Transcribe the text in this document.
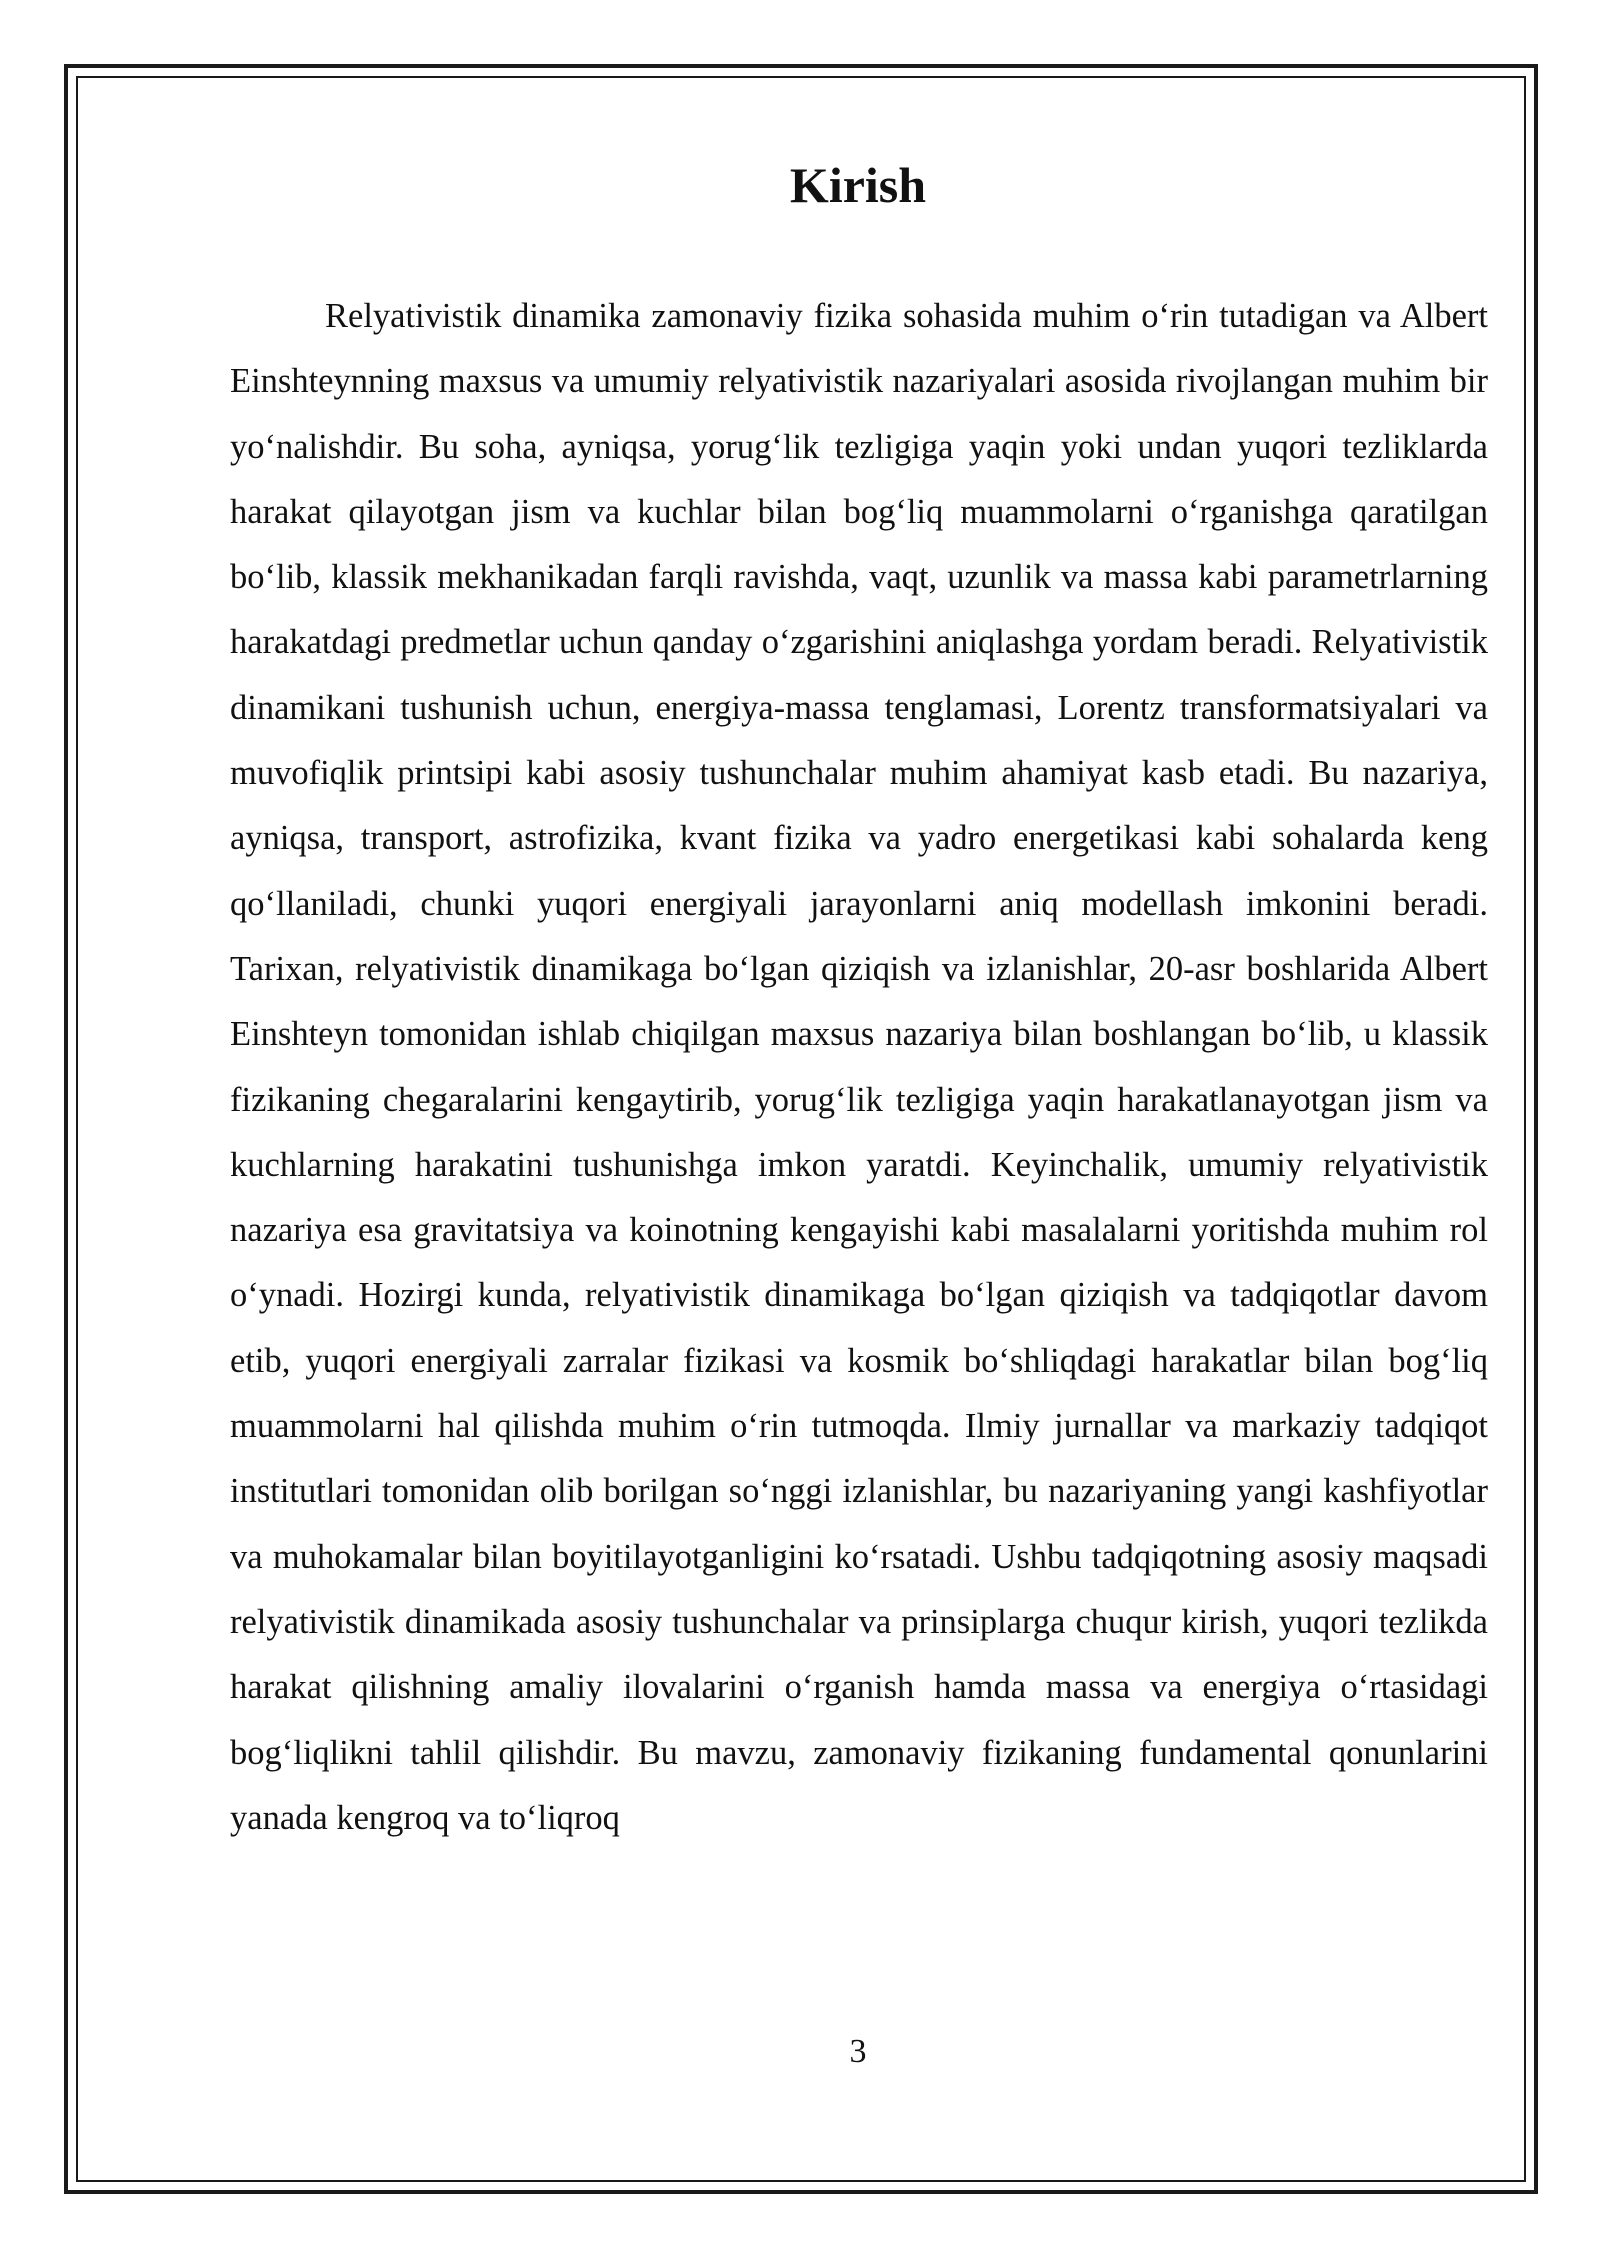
Kirish

Relyativistik dinamika zamonaviy fizika sohasida muhim o‘rin tutadigan va Albert Einshteynning maxsus va umumiy relyativistik nazariyalari asosida rivojlangan muhim bir yo‘nalishdir. Bu soha, ayniqsa, yorug‘lik tezligiga yaqin yoki undan yuqori tezliklarda harakat qilayotgan jism va kuchlar bilan bog‘liq muammolarni o‘rganishga qaratilgan bo‘lib, klassik mekhanikadan farqli ravishda, vaqt, uzunlik va massa kabi parametrlarning harakatdagi predmetlar uchun qanday o‘zgarishini aniqlashga yordam beradi. Relyativistik dinamikani tushunish uchun, energiya-massa tenglamasi, Lorentz transformatsiyalari va muvofiqlik printsipi kabi asosiy tushunchalar muhim ahamiyat kasb etadi. Bu nazariya, ayniqsa, transport, astrofizika, kvant fizika va yadro energetikasi kabi sohalarda keng qo‘llaniladi, chunki yuqori energiyali jarayonlarni aniq modellash imkonini beradi. Tarixan, relyativistik dinamikaga bo‘lgan qiziqish va izlanishlar, 20-asr boshlarida Albert Einshteyn tomonidan ishlab chiqilgan maxsus nazariya bilan boshlangan bo‘lib, u klassik fizikaning chegaralarini kengaytirib, yorug‘lik tezligiga yaqin harakatlanayotgan jism va kuchlarning harakatini tushunishga imkon yaratdi. Keyinchalik, umumiy relyativistik nazariya esa gravitatsiya va koinotning kengayishi kabi masalalarni yoritishda muhim rol o‘ynadi. Hozirgi kunda, relyativistik dinamikaga bo‘lgan qiziqish va tadqiqotlar davom etib, yuqori energiyali zarralar fizikasi va kosmik bo‘shliqdagi harakatlar bilan bog‘liq muammolarni hal qilishda muhim o‘rin tutmoqda. Ilmiy jurnallar va markaziy tadqiqot institutlari tomonidan olib borilgan so‘nggi izlanishlar, bu nazariyaning yangi kashfiyotlar va muhokamalar bilan boyitilayotganligini ko‘rsatadi. Ushbu tadqiqotning asosiy maqsadi relyativistik dinamikada asosiy tushunchalar va prinsiplarga chuqur kirish, yuqori tezlikda harakat qilishning amaliy ilovalarini o‘rganish hamda massa va energiya o‘rtasidagi bog‘liqlikni tahlil qilishdir. Bu mavzu, zamonaviy fizikaning fundamental qonunlarini yanada kengroq va to‘liqroq

3
